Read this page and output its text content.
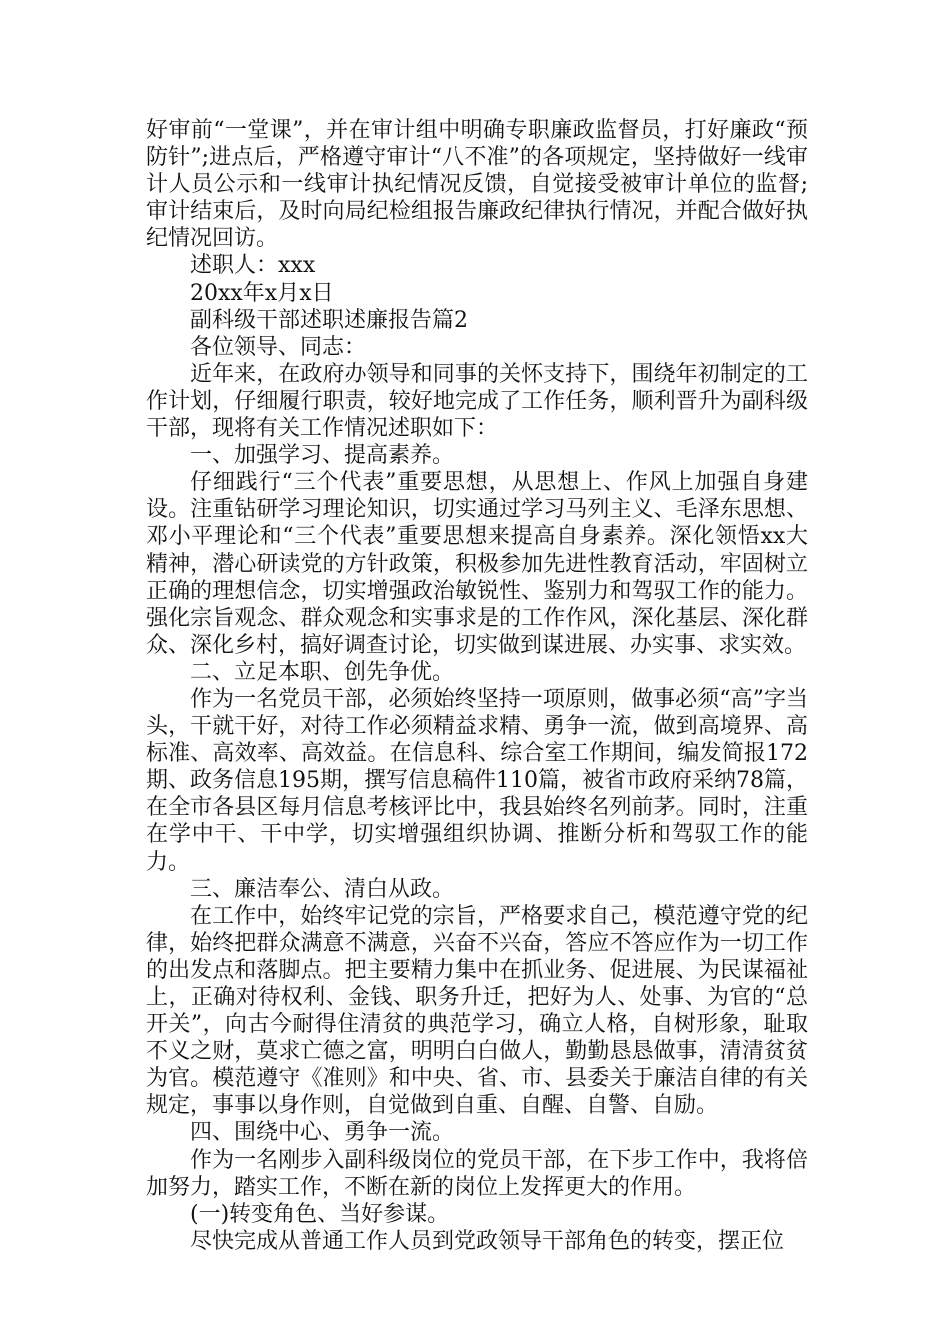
好审前“一堂课”，并在审计组中明确专职廉政监督员，打好廉政“预防针”;进点后，严格遵守审计“八不准”的各项规定，坚持做好一线审计人员公示和一线审计执纪情况反馈，自觉接受被审计单位的监督;审计结束后，及时向局纪检组报告廉政纪律执行情况，并配合做好执纪情况回访。

述职人：xxx

20xx年x月x日

副科级干部述职述廉报告篇2

各位领导、同志：

近年来，在政府办领导和同事的关怀支持下，围绕年初制定的工作计划，仔细履行职责，较好地完成了工作任务，顺利晋升为副科级干部，现将有关工作情况述职如下：

一、加强学习、提高素养。

仔细践行“三个代表”重要思想，从思想上、作风上加强自身建设。注重钻研学习理论知识，切实通过学习马列主义、毛泽东思想、邓小平理论和“三个代表”重要思想来提高自身素养。深化领悟xx大精神，潜心研读党的方针政策，积极参加先进性教育活动，牢固树立正确的理想信念，切实增强政治敏锐性、鉴别力和驾驭工作的能力。强化宗旨观念、群众观念和实事求是的工作作风，深化基层、深化群众、深化乡村，搞好调查讨论，切实做到谋进展、办实事、求实效。

二、立足本职、创先争优。

作为一名党员干部，必须始终坚持一项原则，做事必须“高”字当头，干就干好，对待工作必须精益求精、勇争一流，做到高境界、高标准、高效率、高效益。在信息科、综合室工作期间，编发简报172期、政务信息195期，撰写信息稿件110篇，被省市政府采纳78篇，在全市各县区每月信息考核评比中，我县始终名列前茅。同时，注重在学中干、干中学，切实增强组织协调、推断分析和驾驭工作的能力。

三、廉洁奉公、清白从政。

在工作中，始终牢记党的宗旨，严格要求自己，模范遵守党的纪律，始终把群众满意不满意，兴奋不兴奋，答应不答应作为一切工作的出发点和落脚点。把主要精力集中在抓业务、促进展、为民谋福祉上，正确对待权利、金钱、职务升迁，把好为人、处事、为官的“总开关”，向古今耐得住清贫的典范学习，确立人格，自树形象，耻取不义之财，莫求亡德之富，明明白白做人，勤勤恳恳做事，清清贫贫为官。模范遵守《准则》和中央、省、市、县委关于廉洁自律的有关规定，事事以身作则，自觉做到自重、自醒、自警、自励。

四、围绕中心、勇争一流。

作为一名刚步入副科级岗位的党员干部，在下步工作中，我将倍加努力，踏实工作，不断在新的岗位上发挥更大的作用。

(一)转变角色、当好参谋。

尽快完成从普通工作人员到党政领导干部角色的转变，摆正位
